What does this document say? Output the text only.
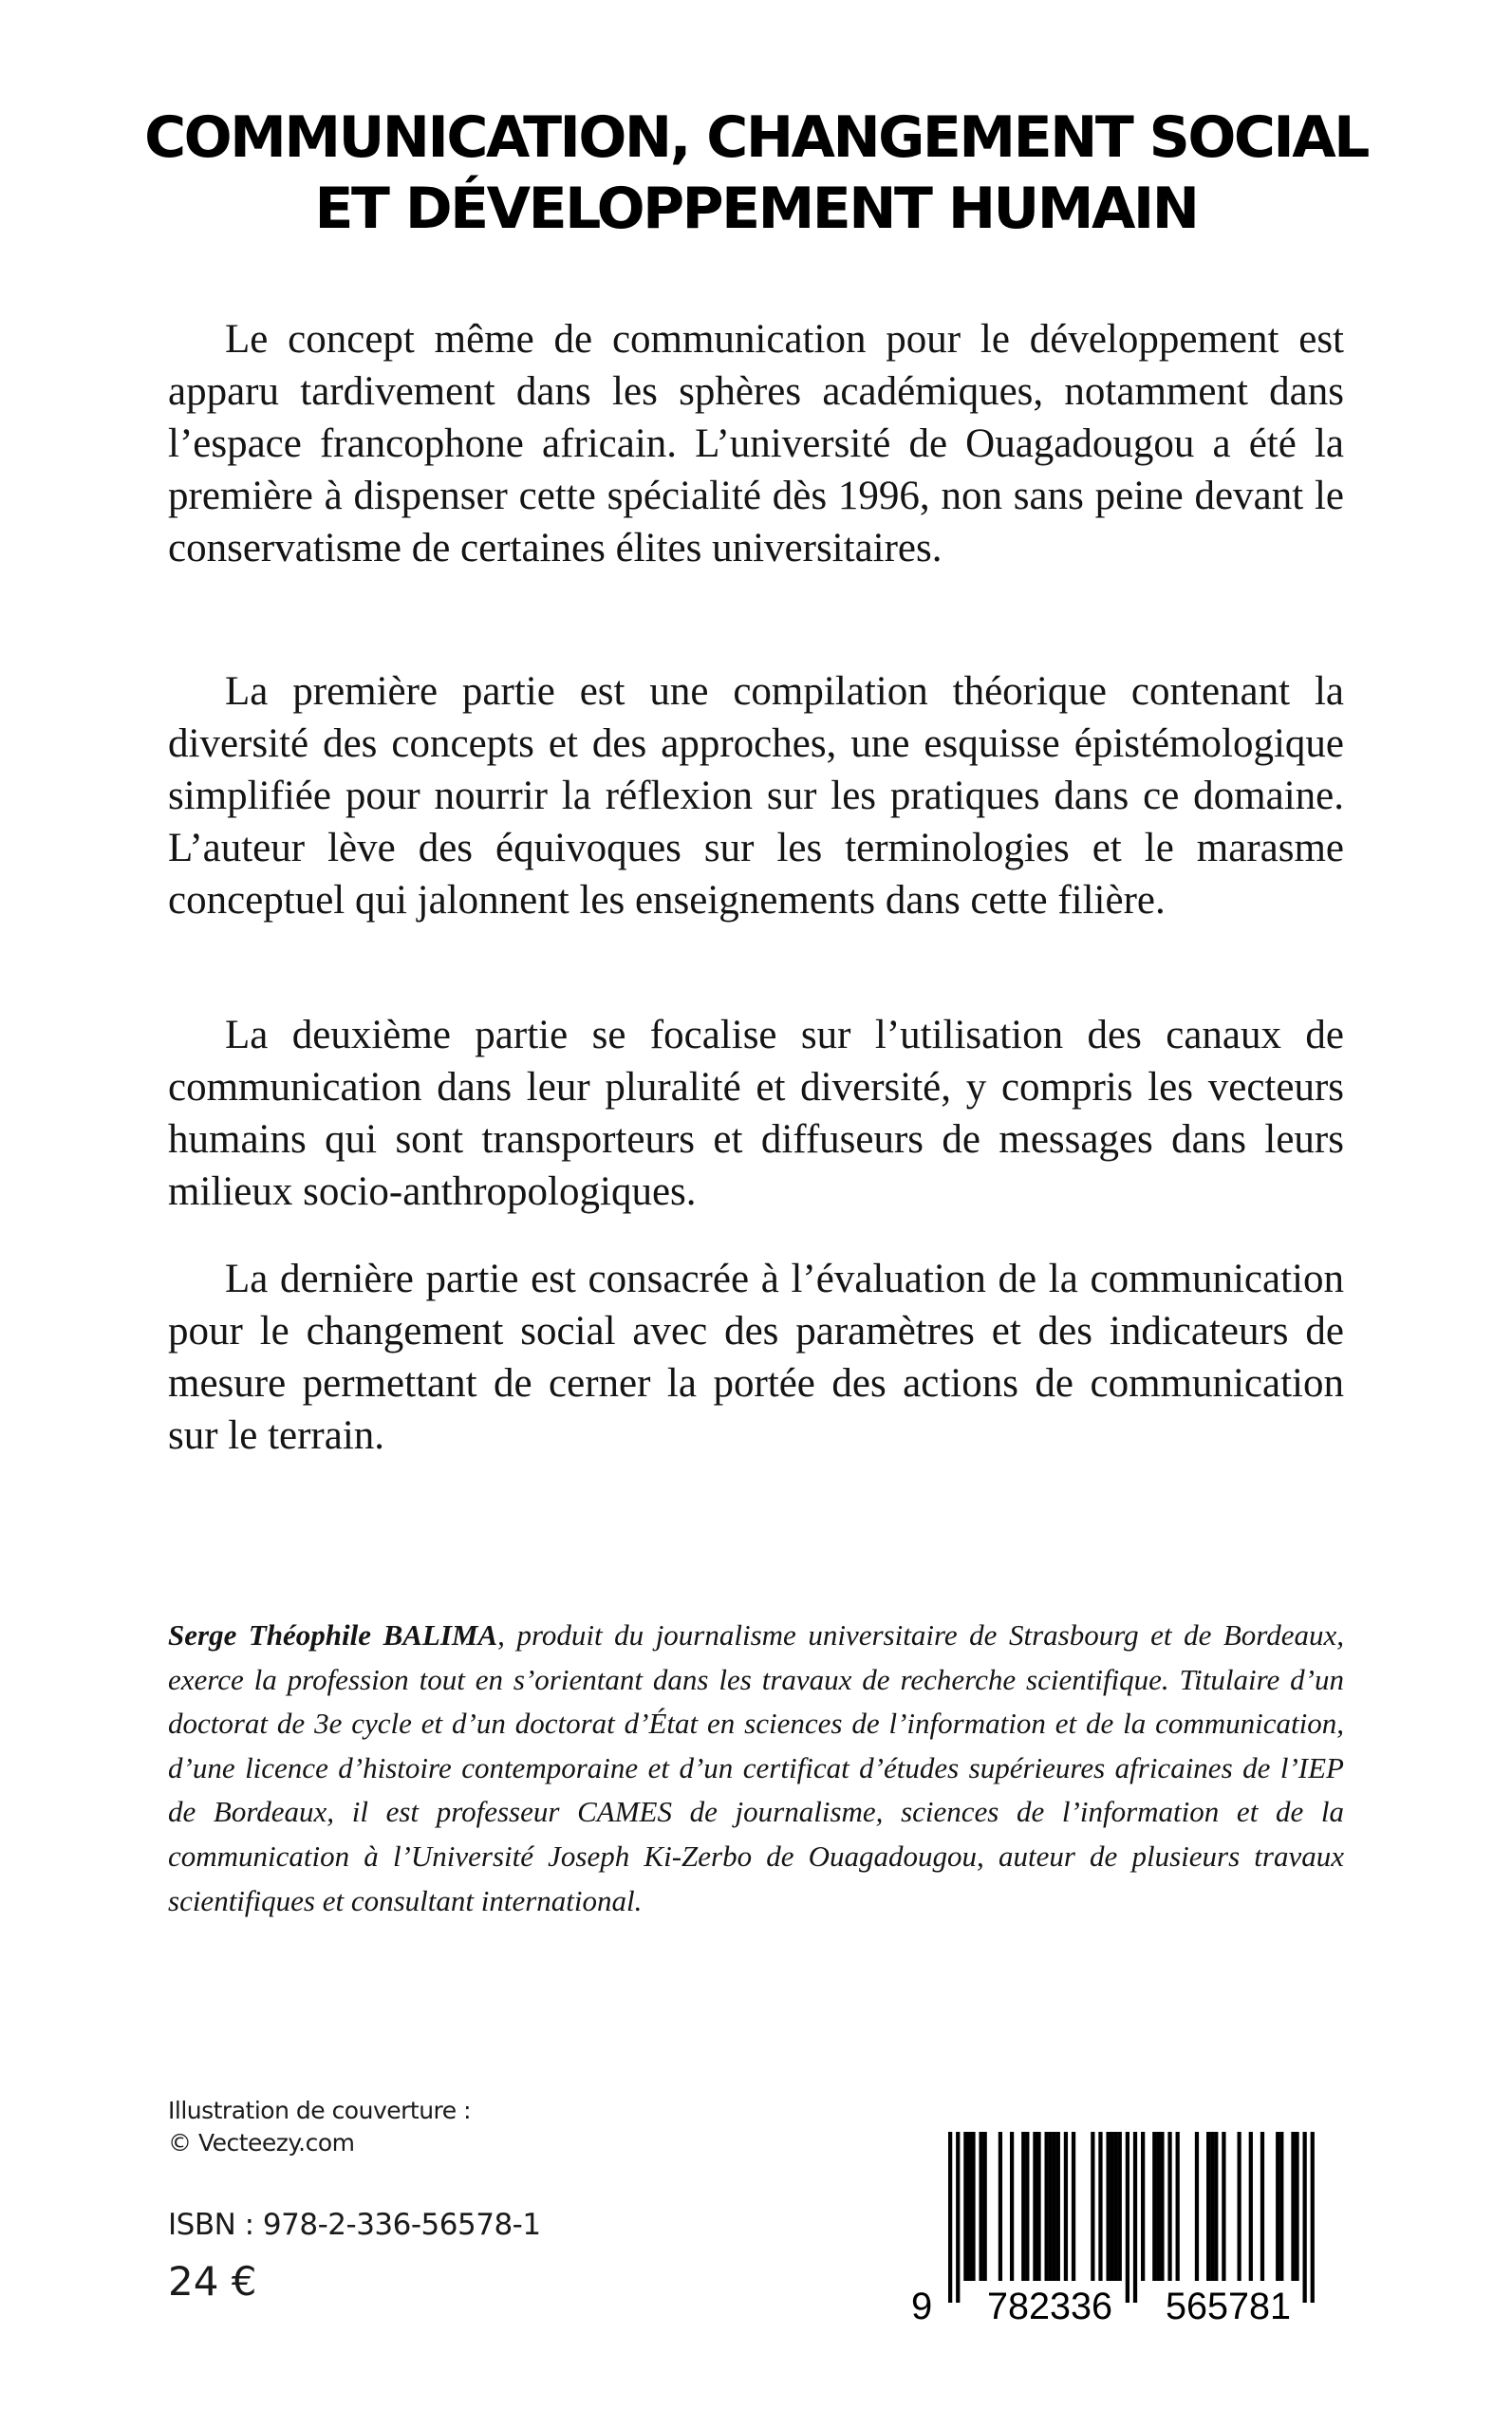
COMMUNICATION, CHANGEMENT SOCIAL
ET DÉVELOPPEMENT HUMAIN

Le concept même de communication pour le développement est apparu tardivement dans les sphères académiques, notamment dans l’espace francophone africain. L’université de Ouagadougou a été la première à dispenser cette spécialité dès 1996, non sans peine devant le conservatisme de certaines élites universitaires.

La première partie est une compilation théorique contenant la diversité des concepts et des approches, une esquisse épistémologique simplifiée pour nourrir la réflexion sur les pratiques dans ce domaine. L’auteur lève des équivoques sur les terminologies et le marasme conceptuel qui jalonnent les enseignements dans cette filière.

La deuxième partie se focalise sur l’utilisation des canaux de communication dans leur pluralité et diversité, y compris les vecteurs humains qui sont transporteurs et diffuseurs de messages dans leurs milieux socio-anthropologiques.

La dernière partie est consacrée à l’évaluation de la communication pour le changement social avec des paramètres et des indicateurs de mesure permettant de cerner la portée des actions de communication sur le terrain.

Serge Théophile BALIMA, produit du journalisme universitaire de Strasbourg et de Bordeaux, exerce la profession tout en s’orientant dans les travaux de recherche scientifique. Titulaire d’un doctorat de 3e cycle et d’un doctorat d’État en sciences de l’information et de la communication, d’une licence d’histoire contemporaine et d’un certificat d’études supérieures africaines de l’IEP de Bordeaux, il est professeur CAMES de journalisme, sciences de l’information et de la communication à l’Université Joseph Ki-Zerbo de Ouagadougou, auteur de plusieurs travaux scientifiques et consultant international.

Illustration de couverture :
© Vecteezy.com
ISBN : 978-2-336-56578-1
24 €
9 782336 565781
